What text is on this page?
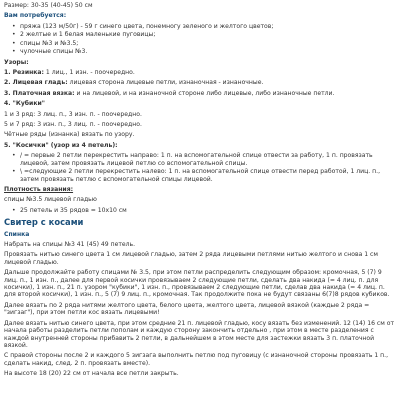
Размер: 30-35 (40-45) 50 см

Вам потребуется:

• пряжа (123 м/50г) - 59 г синего цвета, понемногу зеленого и желтого цветов;
• 2 желтые и 1 белая маленькие пуговицы;
• спицы №3 и №3.5;
• чулочные спицы №3.

Узоры:

1. Резинка: 1 лиц., 1 изн. - поочередно.

2. Лицевая гладь: лицевая сторона лицевые петли, изнаночная - изнаночные.

3. Платочная вязка: и на лицевой, и на изнаночной стороне либо лицевые, либо изнаночные петли.

4. "Кубики"

1 и 3 ряд: 3 лиц. п., 3 изн. п. - поочередно.

5 и 7 ряд: 3 изн. п., 3 лиц. п. - поочередно.

Чётные ряды (изнанка) вязать по узору.

5. "Косички" (узор из 4 петель):

• / = первые 2 петли перекрестить направо: 1 п. на вспомогательной спице отвести за работу, 1 п. провязать лицевой, затем провязать лицевой петлю со вспомогательной спицы.
• \ =следующие 2 петли перекрестить налево: 1 п. на вспомогательной спице отвести перед работой, 1 лиц. п., затем провязать петлю с вспомогательной спицы лицевой.

Плотность вязания:

спицы №3.5 лицевой гладью

• 25 петель и 35 рядов = 10х10 см

Свитер с косами

Спинка

Набрать на спицы №3 41 (45) 49 петель.

Провязать нитью синего цвета 1 см лицевой гладью, затем 2 ряда лицевыми петлями нитью желтого и снова 1 см лицевой гладью.

Дальше продолжайте работу спицами № 3.5, при этом петли распределить следующим образом: кромочная, 5 (7) 9 лиц. п., 1 изн. п., далее для первой косички провязываем 2 следующие петли, сделать два накида (= 4 лиц. п. для косички), 1 изн. п., 21 п. узором "кубики", 1 изн. п., провязываем 2 следующие петли, сделав два накида (= 4 лиц. п. для второй косички), 1 изн. п., 5 (7) 9 лиц. п., кромочная. Так продолжите пока не будут связаны 6(7)8 рядов кубиков.

Далее вязать по 2 ряда нитями желтого цвета, белого цвета, желтого цвета, лицевой вязкой (каждые 2 ряда = "зигзаг"), при этом петли кос вязать лицевыми!

Далее вязать нитью синего цвета, при этом средние 21 п. лицевой гладью, косу вязать без изменений. 12 (14) 16 см от начала работы разделить петли пополам и каждую сторону закончить отдельно , при этом в месте разделения с каждой внутренней стороны прибавить 2 петли, в дальнейшем в этом месте для застежки вязать 3 п. платочной вязкой.

С правой стороны после 2 и каждого 5 зигзага выполнить петлю под пуговицу (с изнаночной стороны провязать 1 п., сделать накид, след. 2 п. провязать вместе).

На высоте 18 (20) 22 см от начала все петли закрыть.
